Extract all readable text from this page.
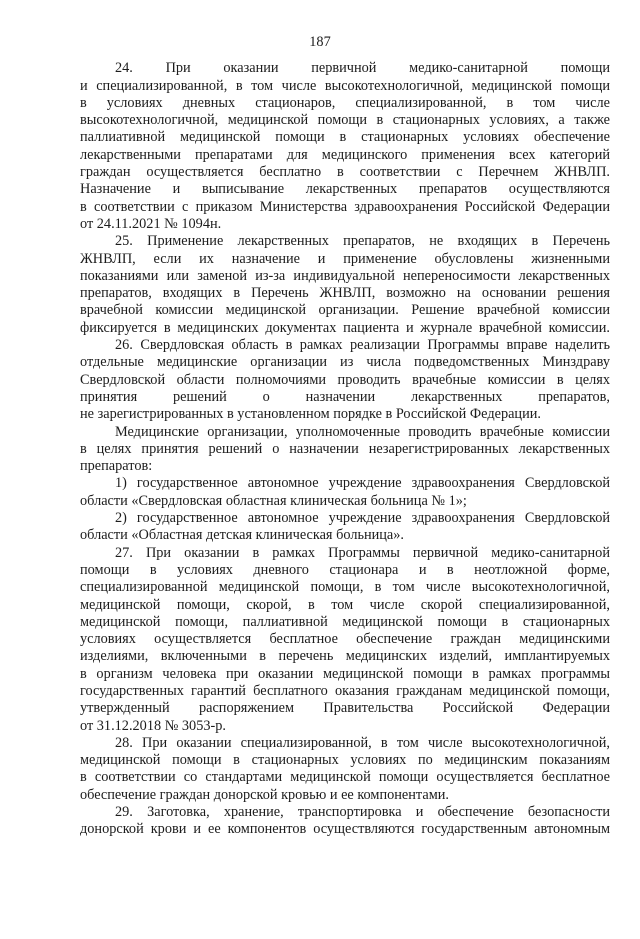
187
24. При оказании первичной медико-санитарной помощи
и специализированной, в том числе высокотехнологичной, медицинской помощи
в условиях дневных стационаров, специализированной, в том числе
высокотехнологичной, медицинской помощи в стационарных условиях, а также
паллиативной медицинской помощи в стационарных условиях обеспечение
лекарственными препаратами для медицинского применения всех категорий
граждан осуществляется бесплатно в соответствии с Перечнем ЖНВЛП.
Назначение и выписывание лекарственных препаратов осуществляются
в соответствии с приказом Министерства здравоохранения Российской Федерации
от 24.11.2021 № 1094н.
25. Применение лекарственных препаратов, не входящих в Перечень
ЖНВЛП, если их назначение и применение обусловлены жизненными
показаниями или заменой из-за индивидуальной непереносимости лекарственных
препаратов, входящих в Перечень ЖНВЛП, возможно на основании решения
врачебной комиссии медицинской организации. Решение врачебной комиссии
фиксируется в медицинских документах пациента и журнале врачебной комиссии.
26. Свердловская область в рамках реализации Программы вправе наделить
отдельные медицинские организации из числа подведомственных Минздраву
Свердловской области полномочиями проводить врачебные комиссии в целях
принятия решений о назначении лекарственных препаратов,
не зарегистрированных в установленном порядке в Российской Федерации.
Медицинские организации, уполномоченные проводить врачебные комиссии
в целях принятия решений о назначении незарегистрированных лекарственных
препаратов:
1) государственное автономное учреждение здравоохранения Свердловской
области «Свердловская областная клиническая больница № 1»;
2) государственное автономное учреждение здравоохранения Свердловской
области «Областная детская клиническая больница».
27. При оказании в рамках Программы первичной медико-санитарной
помощи в условиях дневного стационара и в неотложной форме,
специализированной медицинской помощи, в том числе высокотехнологичной,
медицинской помощи, скорой, в том числе скорой специализированной,
медицинской помощи, паллиативной медицинской помощи в стационарных
условиях осуществляется бесплатное обеспечение граждан медицинскими
изделиями, включенными в перечень медицинских изделий, имплантируемых
в организм человека при оказании медицинской помощи в рамках программы
государственных гарантий бесплатного оказания гражданам медицинской помощи,
утвержденный распоряжением Правительства Российской Федерации
от 31.12.2018 № 3053-р.
28. При оказании специализированной, в том числе высокотехнологичной,
медицинской помощи в стационарных условиях по медицинским показаниям
в соответствии со стандартами медицинской помощи осуществляется бесплатное
обеспечение граждан донорской кровью и ее компонентами.
29. Заготовка, хранение, транспортировка и обеспечение безопасности
донорской крови и ее компонентов осуществляются государственным автономным
